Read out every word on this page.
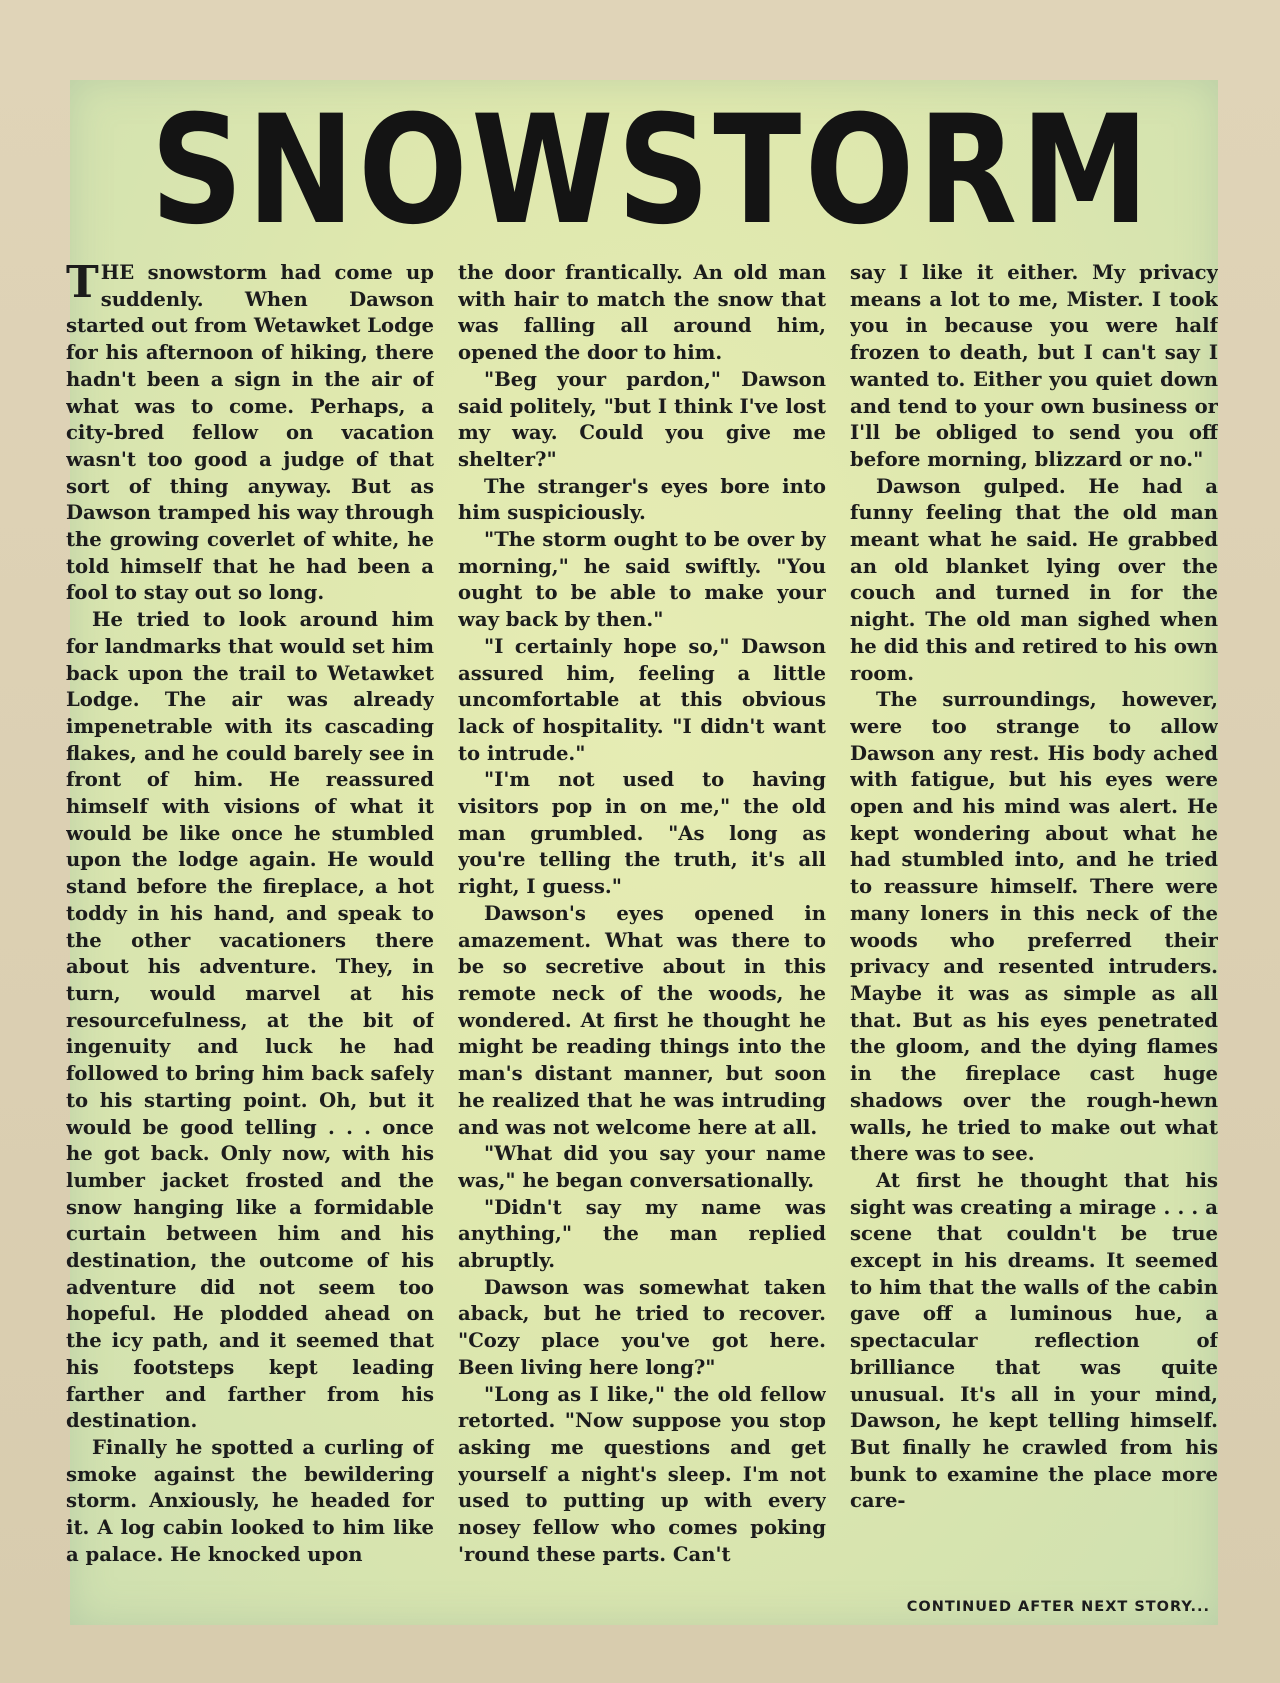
SNOWSTORM

THE snowstorm had come up suddenly. When Dawson started out from Wetawket Lodge for his afternoon of hiking, there hadn't been a sign in the air of what was to come. Perhaps, a city-bred fellow on vacation wasn't too good a judge of that sort of thing anyway. But as Dawson tramped his way through the growing coverlet of white, he told himself that he had been a fool to stay out so long.

He tried to look around him for landmarks that would set him back upon the trail to Wetawket Lodge. The air was already impenetrable with its cascading flakes, and he could barely see in front of him. He reassured himself with visions of what it would be like once he stumbled upon the lodge again. He would stand before the fireplace, a hot toddy in his hand, and speak to the other vacationers there about his adventure. They, in turn, would marvel at his resourcefulness, at the bit of ingenuity and luck he had followed to bring him back safely to his starting point. Oh, but it would be good telling . . . once he got back. Only now, with his lumber jacket frosted and the snow hanging like a formidable curtain between him and his destination, the outcome of his adventure did not seem too hopeful. He plodded ahead on the icy path, and it seemed that his footsteps kept leading farther and farther from his destination.

Finally he spotted a curling of smoke against the bewildering storm. Anxiously, he headed for it. A log cabin looked to him like a palace. He knocked upon

the door frantically. An old man with hair to match the snow that was falling all around him, opened the door to him.

"Beg your pardon," Dawson said politely, "but I think I've lost my way. Could you give me shelter?"

The stranger's eyes bore into him suspiciously.

"The storm ought to be over by morning," he said swiftly. "You ought to be able to make your way back by then."

"I certainly hope so," Dawson assured him, feeling a little uncomfortable at this obvious lack of hospitality. "I didn't want to intrude."

"I'm not used to having visitors pop in on me," the old man grumbled. "As long as you're telling the truth, it's all right, I guess."

Dawson's eyes opened in amazement. What was there to be so secretive about in this remote neck of the woods, he wondered. At first he thought he might be reading things into the man's distant manner, but soon he realized that he was intruding and was not welcome here at all.

"What did you say your name was," he began conversationally.

"Didn't say my name was anything," the man replied abruptly.

Dawson was somewhat taken aback, but he tried to recover. "Cozy place you've got here. Been living here long?"

"Long as I like," the old fellow retorted. "Now suppose you stop asking me questions and get yourself a night's sleep. I'm not used to putting up with every nosey fellow who comes poking 'round these parts. Can't

say I like it either. My privacy means a lot to me, Mister. I took you in because you were half frozen to death, but I can't say I wanted to. Either you quiet down and tend to your own business or I'll be obliged to send you off before morning, blizzard or no."

Dawson gulped. He had a funny feeling that the old man meant what he said. He grabbed an old blanket lying over the couch and turned in for the night. The old man sighed when he did this and retired to his own room.

The surroundings, however, were too strange to allow Dawson any rest. His body ached with fatigue, but his eyes were open and his mind was alert. He kept wondering about what he had stumbled into, and he tried to reassure himself. There were many loners in this neck of the woods who preferred their privacy and resented intruders. Maybe it was as simple as all that. But as his eyes penetrated the gloom, and the dying flames in the fireplace cast huge shadows over the rough-hewn walls, he tried to make out what there was to see.

At first he thought that his sight was creating a mirage . . . a scene that couldn't be true except in his dreams. It seemed to him that the walls of the cabin gave off a luminous hue, a spectacular reflection of brilliance that was quite unusual. It's all in your mind, Dawson, he kept telling himself. But finally he crawled from his bunk to examine the place more care-

CONTINUED AFTER NEXT STORY...
